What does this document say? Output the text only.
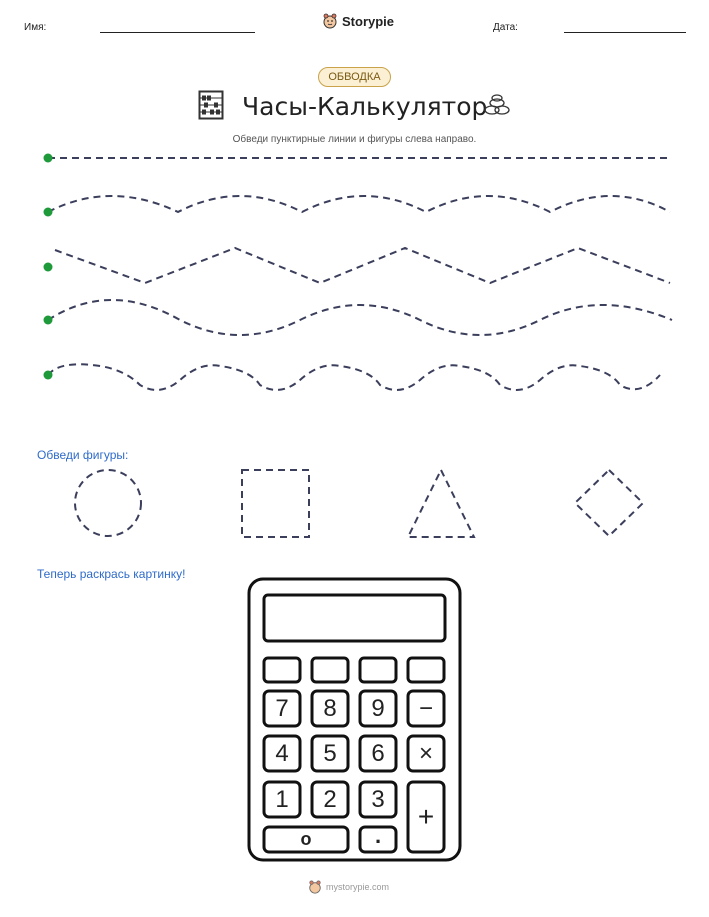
Имя:	Storypie	Дата:
ОБВОДКА
Часы-Калькулятор
Обведи пунктирные линии и фигуры слева направо.
Обведи фигуры:
Теперь раскрась картинку!
7	8	9	−
4	5	6	×
1	2	3
+
o	.
mystorypie.com
